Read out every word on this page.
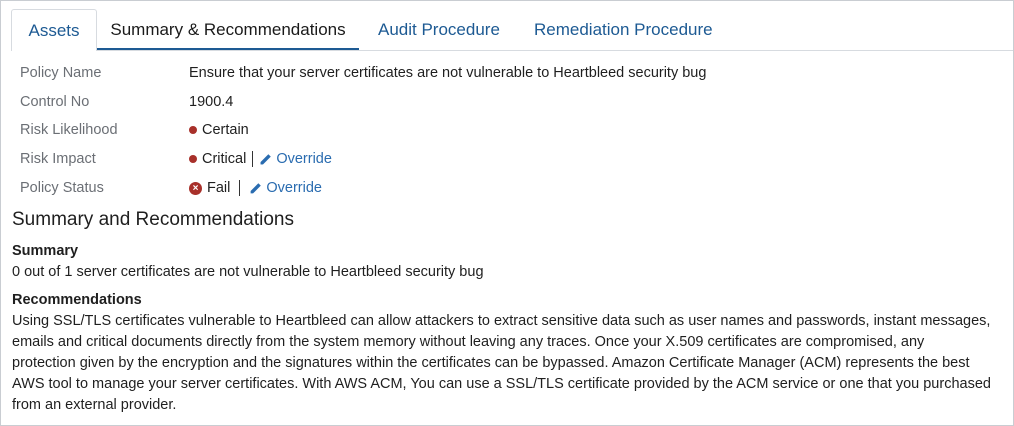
Assets	Summary & Recommendations	Audit Procedure Remediation Procedure
Policy Name	Ensure that your server certificates are not vulnerable to Heartbleed security bug
Control No	1900.4
Risk Likelihood	Certain
Risk Impact	Critical Override
Policy Status	× Fail Override
Summary and Recommendations
Summary
0 out of 1 server certificates are not vulnerable to Heartbleed security bug
Recommendations
Using SSL/TLS certificates vulnerable to Heartbleed can allow attackers to extract sensitive data such as user names and passwords, instant messages,
emails and critical documents directly from the system memory without leaving any traces. Once your X.509 certificates are compromised, any
protection given by the encryption and the signatures within the certificates can be bypassed. Amazon Certificate Manager (ACM) represents the best
AWS tool to manage your server certificates. With AWS ACM, You can use a SSL/TLS certificate provided by the ACM service or one that you purchased
from an external provider.
